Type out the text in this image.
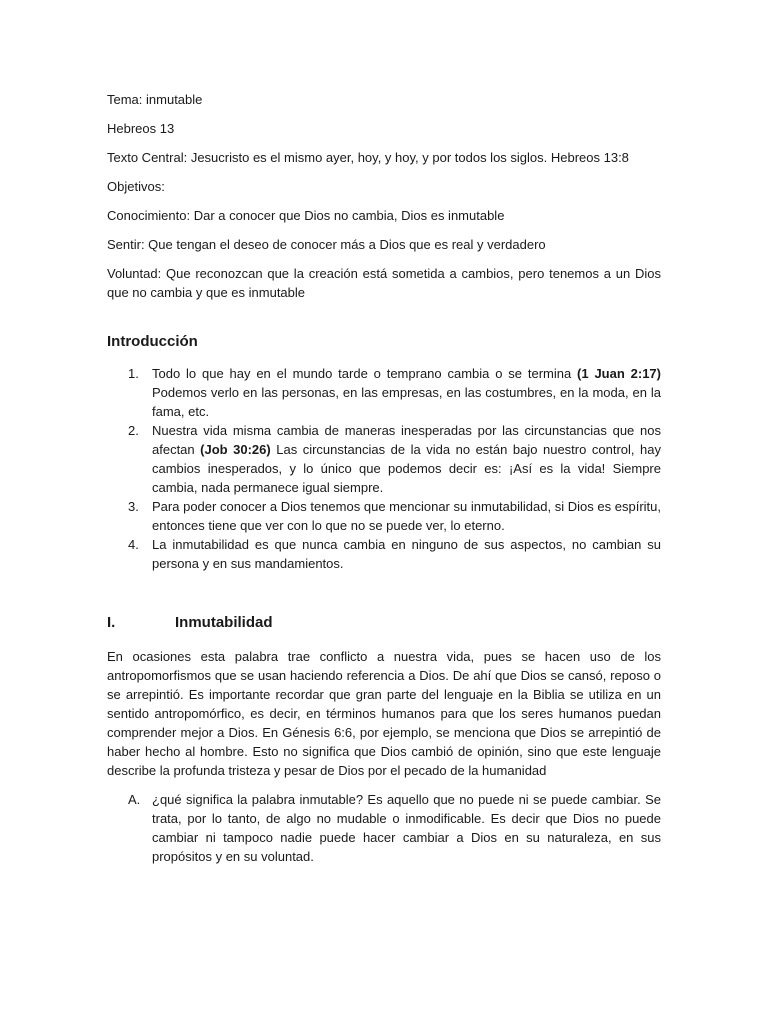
Tema: inmutable

Hebreos 13

Texto Central: Jesucristo es el mismo ayer, hoy, y hoy, y por todos los siglos. Hebreos 13:8

Objetivos:

Conocimiento: Dar a conocer que Dios no cambia, Dios es inmutable

Sentir: Que tengan el deseo de conocer más a Dios que es real y verdadero

Voluntad: Que reconozcan que la creación está sometida a cambios, pero tenemos a un Dios que no cambia y que es inmutable

Introducción
1.	Todo lo que hay en el mundo tarde o temprano cambia o se termina (1 Juan 2:17) Podemos verlo en las personas, en las empresas, en las costumbres, en la moda, en la fama, etc.
2.	Nuestra vida misma cambia de maneras inesperadas por las circunstancias que nos afectan (Job 30:26) Las circunstancias de la vida no están bajo nuestro control, hay cambios inesperados, y lo único que podemos decir es: ¡Así es la vida! Siempre cambia, nada permanece igual siempre.
3.	Para poder conocer a Dios tenemos que mencionar su inmutabilidad, si Dios es espíritu, entonces tiene que ver con lo que no se puede ver, lo eterno.
4.	La inmutabilidad es que nunca cambia en ninguno de sus aspectos, no cambian su persona y en sus mandamientos.
I.	Inmutabilidad

En ocasiones esta palabra trae conflicto a nuestra vida, pues se hacen uso de los antropomorfismos que se usan haciendo referencia a Dios. De ahí que Dios se cansó, reposo o se arrepintió. Es importante recordar que gran parte del lenguaje en la Biblia se utiliza en un sentido antropomórfico, es decir, en términos humanos para que los seres humanos puedan comprender mejor a Dios. En Génesis 6:6, por ejemplo, se menciona que Dios se arrepintió de haber hecho al hombre. Esto no significa que Dios cambió de opinión, sino que este lenguaje describe la profunda tristeza y pesar de Dios por el pecado de la humanidad

A. ¿qué significa la palabra inmutable? Es aquello que no puede ni se puede cambiar. Se trata, por lo tanto, de algo no mudable o inmodificable. Es decir que Dios no puede cambiar ni tampoco nadie puede hacer cambiar a Dios en su naturaleza, en sus propósitos y en su voluntad.
